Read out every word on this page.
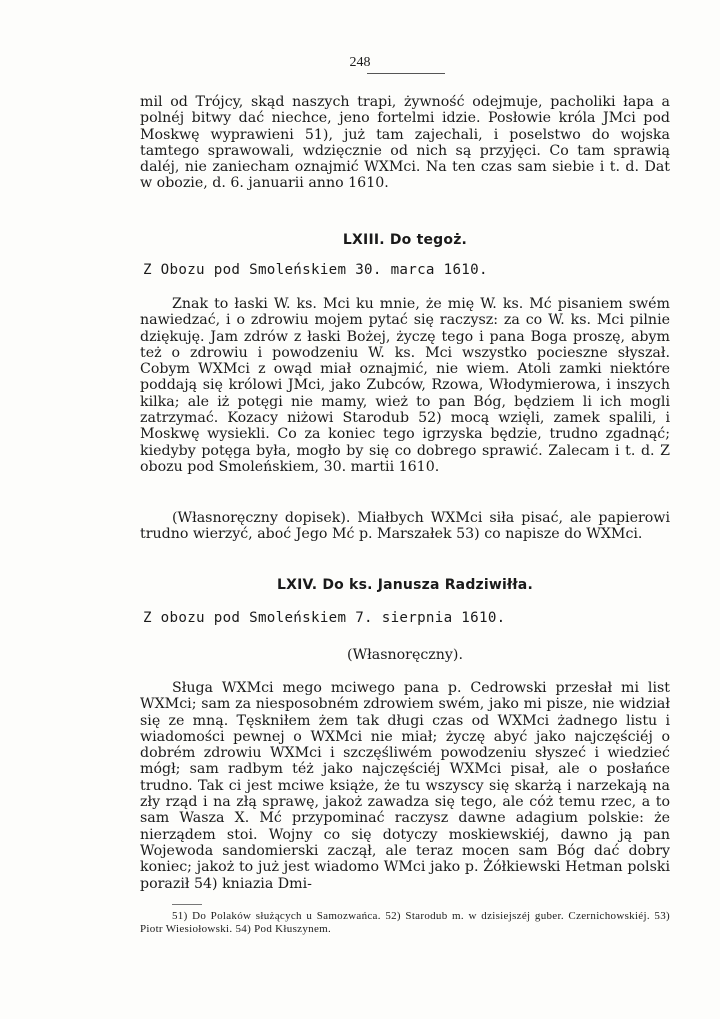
248

mil od Trójcy, skąd naszych trapi, żywność odejmuje, pacholiki łapa a polnéj bitwy dać niechce, jeno fortelmi idzie. Posłowie króla JMci pod Moskwę wyprawieni 51), już tam zajechali, i poselstwo do wojska tamtego sprawowali, wdzięcznie od nich są przyjęci. Co tam sprawią daléj, nie zaniecham oznajmić WXMci. Na ten czas sam siebie i t. d. Dat w obozie, d. 6. januarii anno 1610.

LXIII. Do tegoż.
Z Obozu pod Smoleńskiem 30. marca 1610.

Znak to łaski W. ks. Mci ku mnie, że mię W. ks. Mć pisaniem swém nawiedzać, i o zdrowiu mojem pytać się raczysz: za co W. ks. Mci pilnie dziękuję. Jam zdrów z łaski Bożej, życzę tego i pana Boga proszę, abym też o zdrowiu i powodzeniu W. ks. Mci wszystko pocieszne słyszał. Cobym WXMci z owąd miał oznajmić, nie wiem. Atoli zamki niektóre poddają się królowi JMci, jako Zubców, Rzowa, Włodymierowa, i inszych kilka; ale iż potęgi nie mamy, wież to pan Bóg, będziem li ich mogli zatrzymać. Kozacy niżowi Starodub 52) mocą wzięli, zamek spalili, i Moskwę wysiekli. Co za koniec tego igrzyska będzie, trudno zgadnąć; kiedyby potęga była, mogło by się co dobrego sprawić. Zalecam i t. d. Z obozu pod Smoleńskiem, 30. martii 1610.

(Własnoręczny dopisek). Miałbych WXMci siła pisać, ale papierowi trudno wierzyć, aboć Jego Mć p. Marszałek 53) co napisze do WXMci.

LXIV. Do ks. Janusza Radziwiłła.
Z obozu pod Smoleńskiem 7. sierpnia 1610.
(Własnoręczny).

Sługa WXMci mego mciwego pana p. Cedrowski przesłał mi list WXMci; sam za niesposobném zdrowiem swém, jako mi pisze, nie widział się ze mną. Tęskniłem żem tak długi czas od WXMci żadnego listu i wiadomości pewnej o WXMci nie miał; życzę abyć jako najczęściéj o dobrém zdrowiu WXMci i szczęśliwém powodzeniu słyszeć i wiedzieć mógł; sam radbym téż jako najczęściéj WXMci pisał, ale o posłańce trudno. Tak ci jest mciwe książe, że tu wszyscy się skarżą i narzekają na zły rząd i na złą sprawę, jakoż zawadza się tego, ale cóż temu rzec, a to sam Wasza X. Mć przypominać raczysz dawne adagium polskie: że nierządem stoi. Wojny co się dotyczy moskiewskiéj, dawno ją pan Wojewoda sandomierski zaczął, ale teraz mocen sam Bóg dać dobry koniec; jakoż to już jest wiadomo WMci jako p. Żółkiewski Hetman polski poraził 54) kniazia Dmi-

51) Do Polaków służących u Samozwańca. 52) Starodub m. w dzisiejszéj guber. Czernichowskiéj. 53) Piotr Wiesiołowski. 54) Pod Kłuszynem.
